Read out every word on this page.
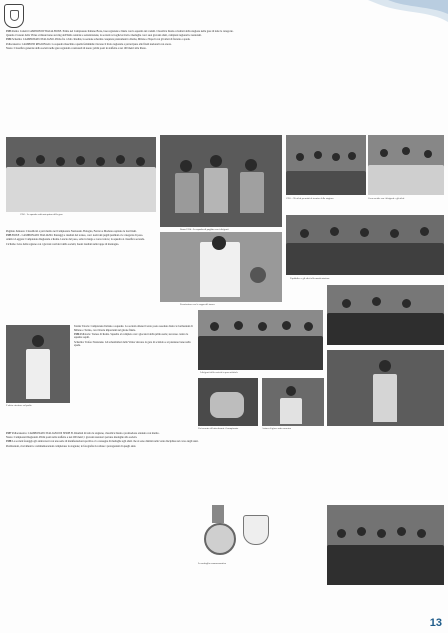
1953 Roma: Cadetti CAMPIONI D'ITALIA BOXE. Primo nel Campionato Italiano Boxe, fase regionale e finale con la squadra dei cadetti. Classifica finale e risultati della stagione nelle gare di tutte le categorie.

Quando i boxeur della Virtus si misuravano sui ring dell'Italia centrale e settentrionale, la società raccoglieva titoli e medaglie con i suoi giovani atleti, campioni regionali e nazionali.

1954 Scherma: CAMPIONATO ITALIANO. Prima fra i club cittadini, la sezione scherma conquista piazzamenti a Roma, Milano e Napoli con gli atleti di fioretto e spada.

Pallacanestro: CAMPIONI REGIONALI. La squadra maschile e quella femminile vincono il titolo regionale e partecipano alle finali nazionali con onore.

Nuoto: Classifica generale della società nelle gare regionali e nazionali di nuoto; primi posti in staffetta e nei 100 metri stile libero.

Roma 1954 - La squadra di pugilato con i dirigenti
1955 - Gli atleti premiati al termine della stagione	Cena sociale con i dirigenti e gli atleti
1956 - La squadra schierata prima della gara
Premiazione con la coppa del torneo
Il pubblico e gli atleti alla manifestazione

Pugilato Juniores: Classificati a pari merito nel Campionato Nazionale. Bologna, Ferrara e Modena ospitano le fasi finali.

1955 BOXE - CAMPIONATO ITALIANO. Punteggi e risultati del torneo, con i nomi dei pugili premiati e le categorie di peso.

Atletica Leggera: Campionato Regionale a Roma. Lancio del peso, salto in lungo e corsa veloce; la squadra si classifica seconda.

Ciclismo: Giro della regione con i giovani corridori della società; buoni risultati nelle tappe di montagna.

L'atleta vincitore sul podio

Tennis Tavolo: Campionato Italiano a squadre. La società ottiene il terzo posto assoluto dietro le formazioni di Milano e Torino, con vittorie importanti nel girone finale.

1956 Pallavolo: Torneo di Roma. Squadra al completo con i giocatori della prima serie; successo contro le squadre ospiti.

Scherma: Trofeo Nazionale. Gli schermidori della Virtus vincono la gara di sciabola e si piazzano bene nella spada.

I dirigenti della società in posa ufficiale
Un incontro di lotta durante il campionato	Azione di gioco sotto canestro

1957 Pallacanestro: CAMPIONATO ITALIANO DI SERIE B. Risultati di tutta la stagione, classifica finale e promozione ottenuta con merito.

Nuoto: Campionati Regionali. Primi posti nelle staffette e nei 200 metri; i giovani nuotatori portano medaglie alla società.

1958 La società festeggia gli anniversari con una serie di manifestazioni sportive e la consegna di medaglie agli atleti che si sono distinti nelle varie discipline nel corso degli anni.

Premiazioni, ricevimenti e commemorazioni completano la stagione; le fotografie ricordano i protagonisti di quegli anni.

La medaglia commemorativa
13
